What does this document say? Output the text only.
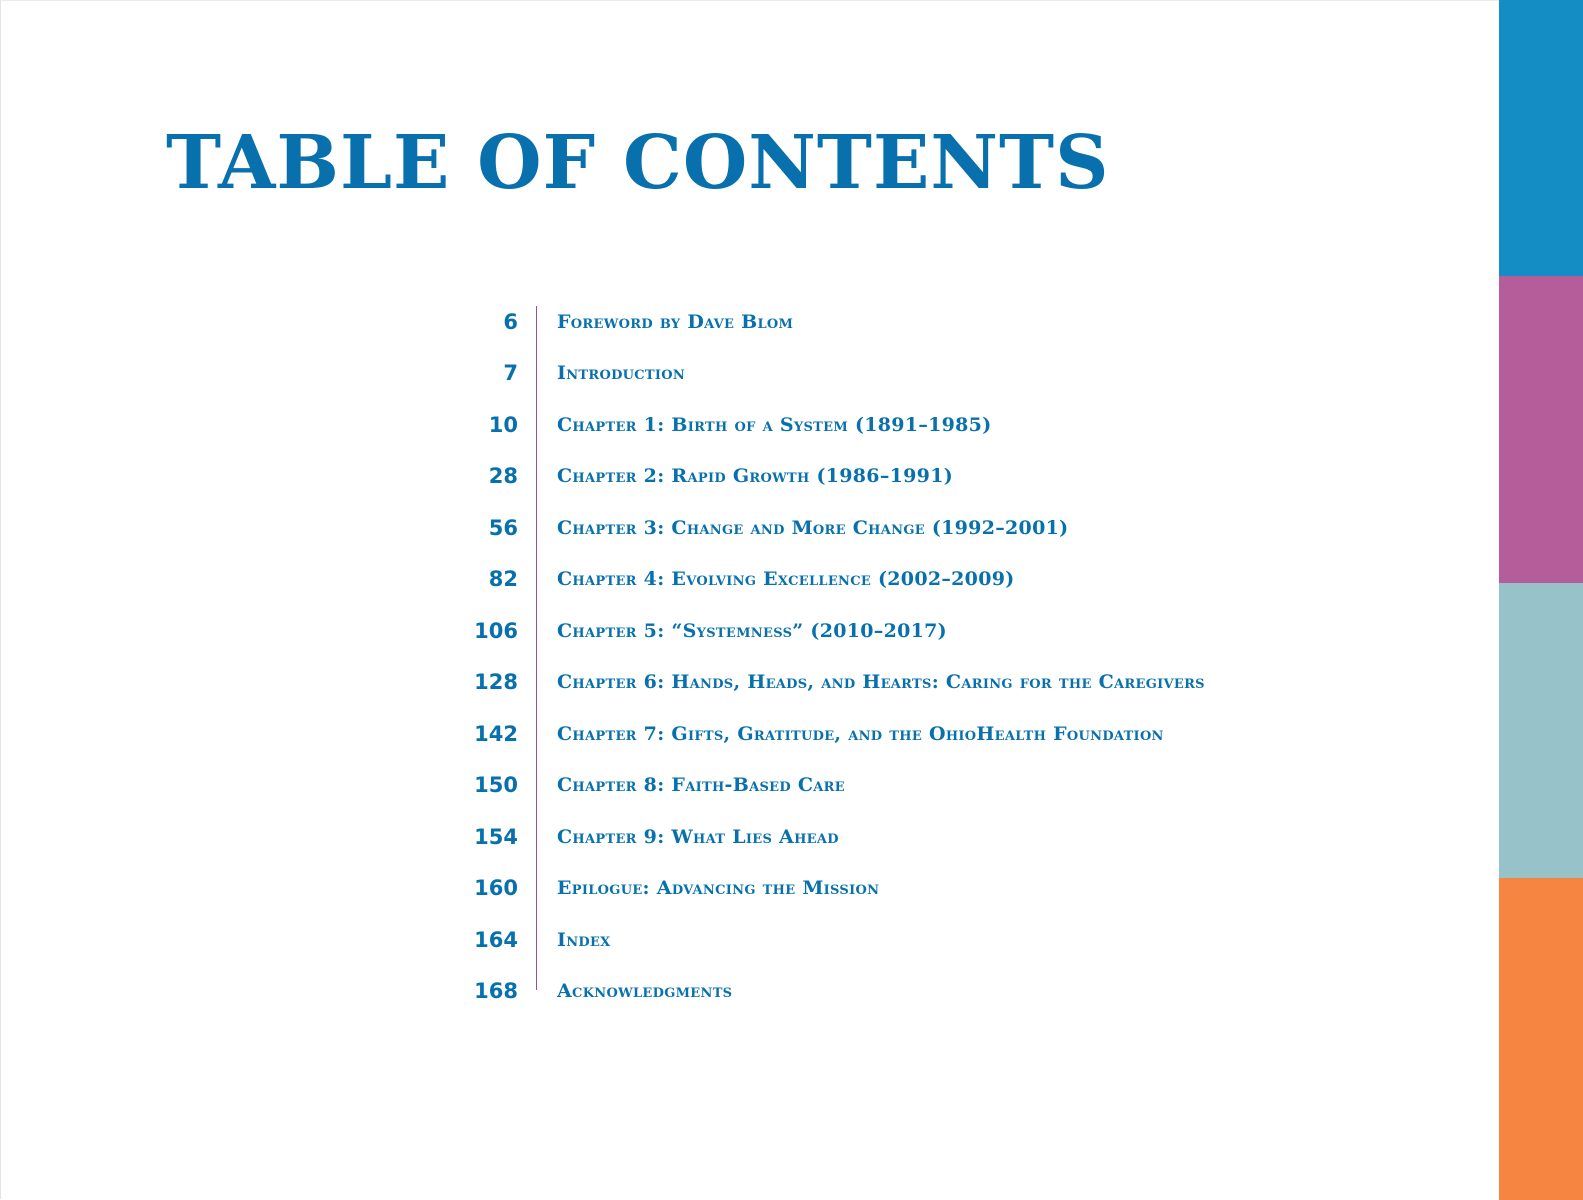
TABLE OF CONTENTS
6 Foreword by Dave Blom
7 Introduction
10 Chapter 1: Birth of a System (1891–1985)
28 Chapter 2: Rapid Growth (1986–1991)
56 Chapter 3: Change and More Change (1992–2001)
82 Chapter 4: Evolving Excellence (2002–2009)
106 Chapter 5: “Systemness” (2010–2017)
128 Chapter 6: Hands, Heads, and Hearts: Caring for the Caregivers
142 Chapter 7: Gifts, Gratitude, and the OhioHealth Foundation
150 Chapter 8: Faith-Based Care
154 Chapter 9: What Lies Ahead
160 Epilogue: Advancing the Mission
164 Index
168 Acknowledgments
